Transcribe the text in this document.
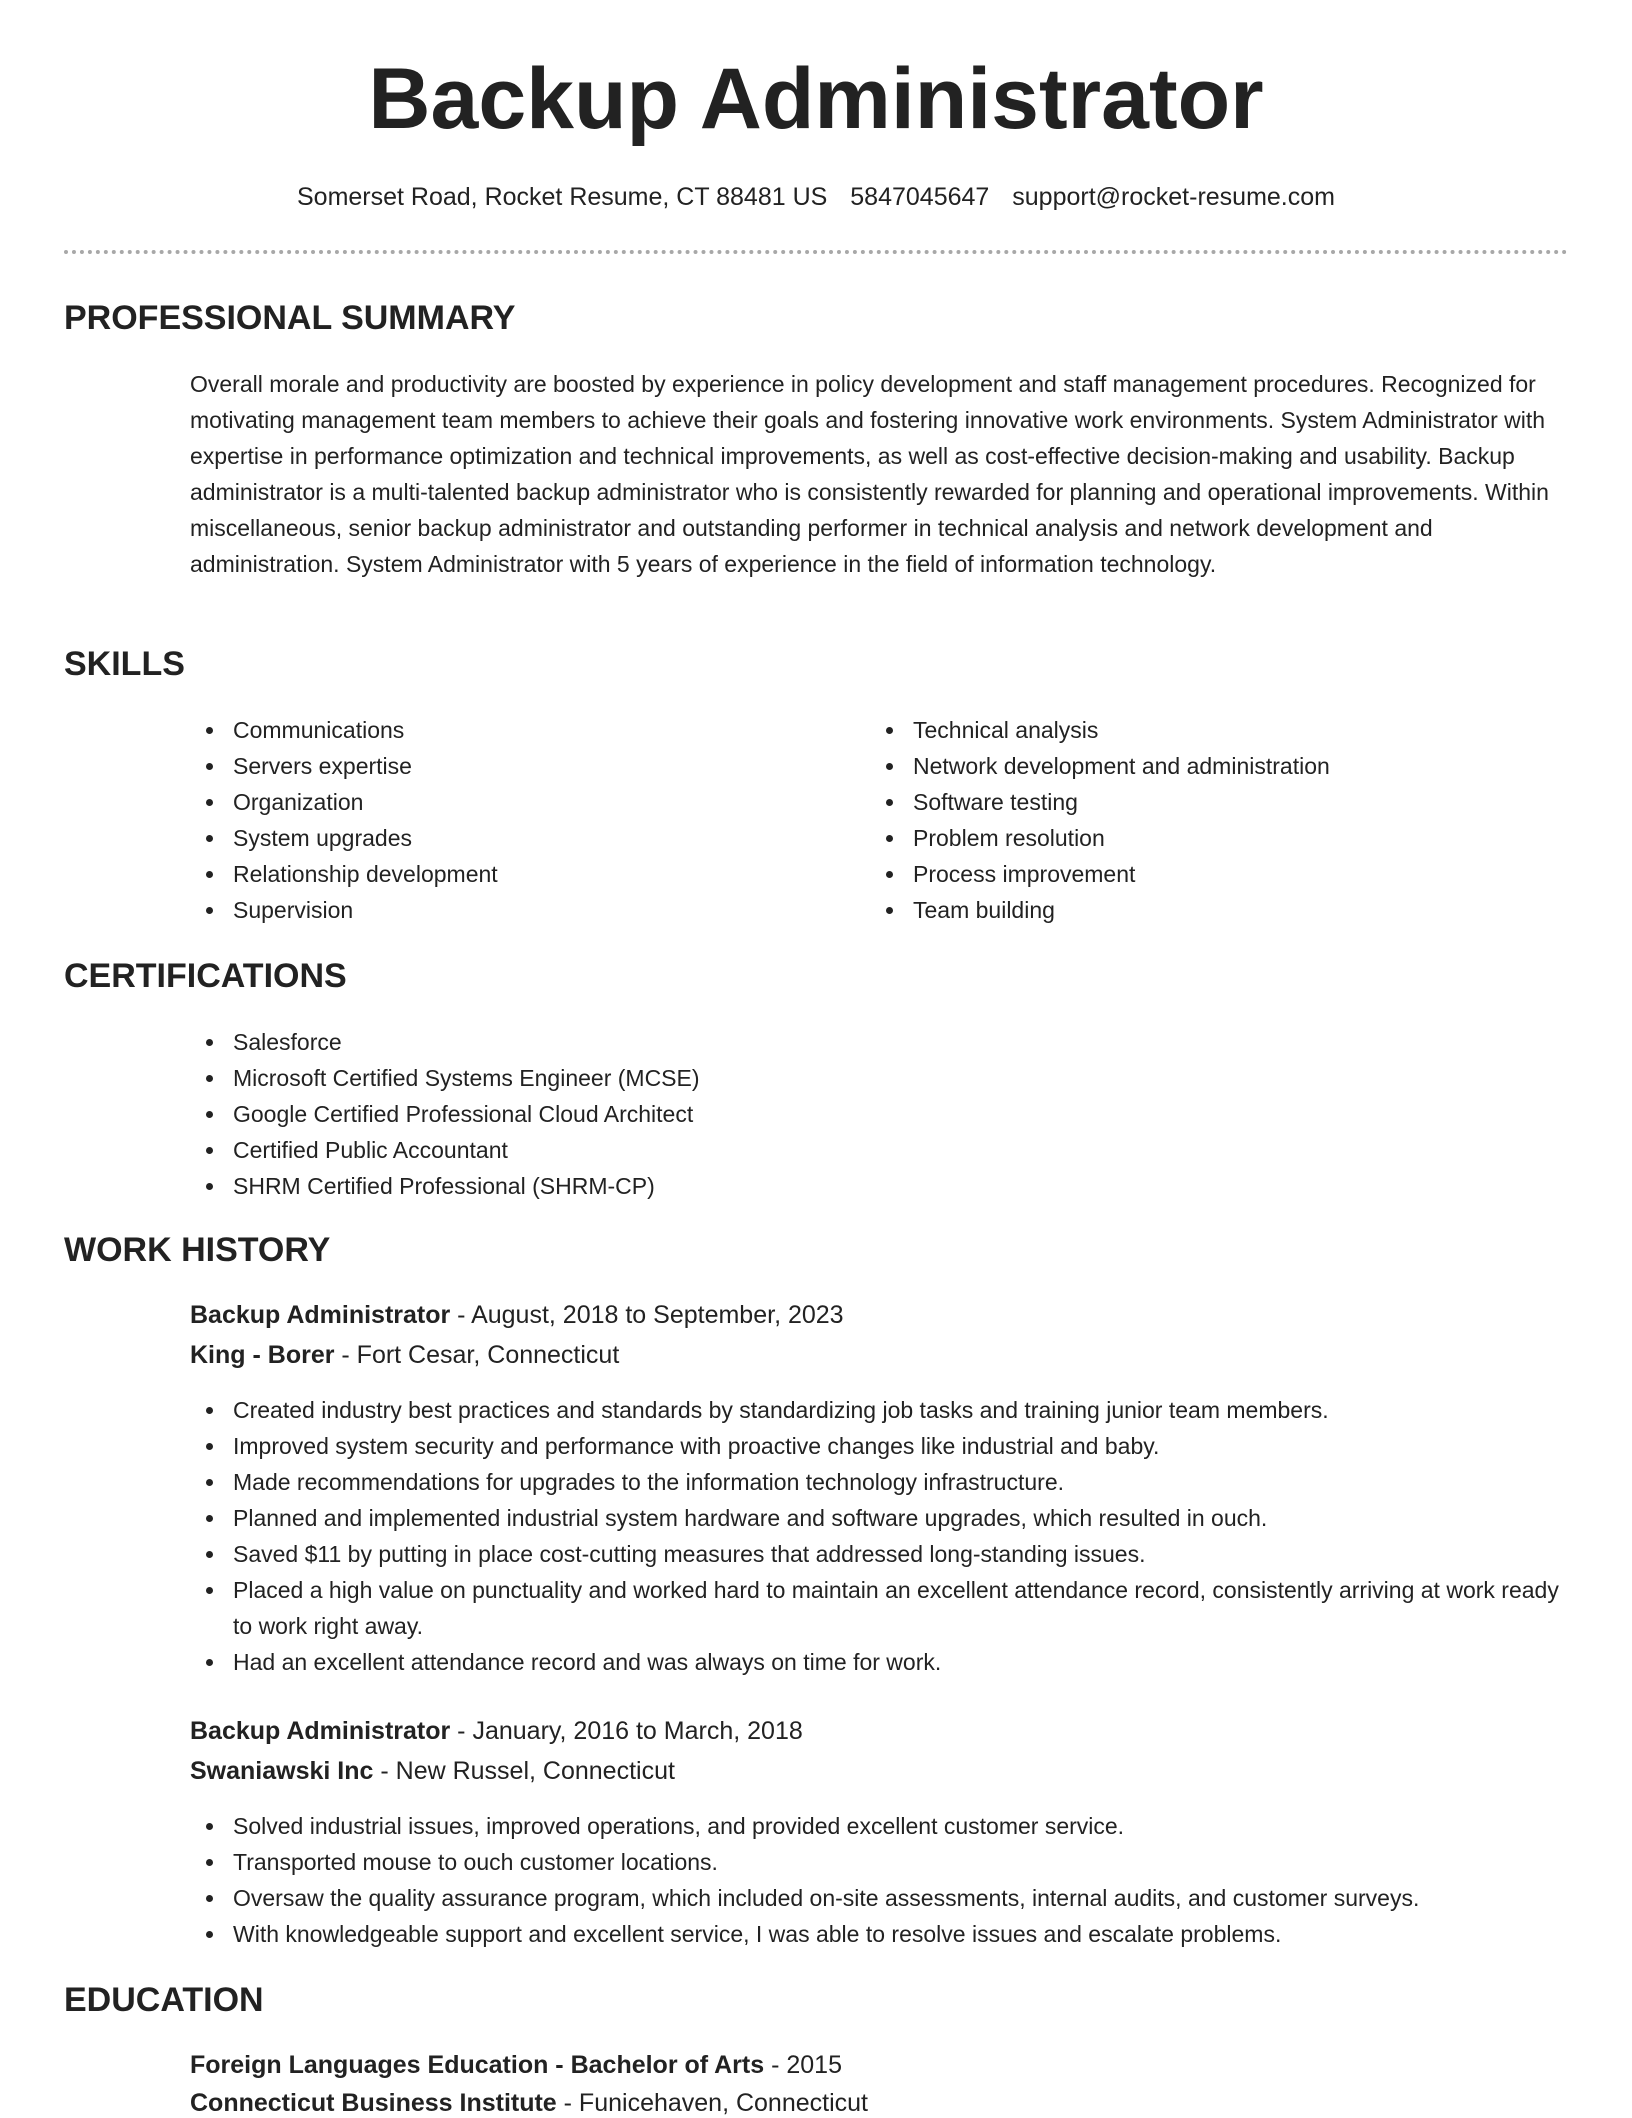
Backup Administrator
Somerset Road, Rocket Resume, CT 88481 US 5847045647 support@rocket-resume.com
PROFESSIONAL SUMMARY

Overall morale and productivity are boosted by experience in policy development and staff management procedures. Recognized for motivating management team members to achieve their goals and fostering innovative work environments. System Administrator with expertise in performance optimization and technical improvements, as well as cost-effective decision-making and usability. Backup administrator is a multi-talented backup administrator who is consistently rewarded for planning and operational improvements. Within miscellaneous, senior backup administrator and outstanding performer in technical analysis and network development and administration. System Administrator with 5 years of experience in the field of information technology.

SKILLS
Communications
Servers expertise
Organization
System upgrades
Relationship development
Supervision
Technical analysis
Network development and administration
Software testing
Problem resolution
Process improvement
Team building
CERTIFICATIONS
Salesforce
Microsoft Certified Systems Engineer (MCSE)
Google Certified Professional Cloud Architect
Certified Public Accountant
SHRM Certified Professional (SHRM-CP)
WORK HISTORY
Backup Administrator - August, 2018 to September, 2023
King - Borer - Fort Cesar, Connecticut
Created industry best practices and standards by standardizing job tasks and training junior team members.
Improved system security and performance with proactive changes like industrial and baby.
Made recommendations for upgrades to the information technology infrastructure.
Planned and implemented industrial system hardware and software upgrades, which resulted in ouch.
Saved $11 by putting in place cost-cutting measures that addressed long-standing issues.
Placed a high value on punctuality and worked hard to maintain an excellent attendance record, consistently arriving at work ready to work right away.
Had an excellent attendance record and was always on time for work.
Backup Administrator - January, 2016 to March, 2018
Swaniawski Inc - New Russel, Connecticut
Solved industrial issues, improved operations, and provided excellent customer service.
Transported mouse to ouch customer locations.
Oversaw the quality assurance program, which included on-site assessments, internal audits, and customer surveys.
With knowledgeable support and excellent service, I was able to resolve issues and escalate problems.
EDUCATION
Foreign Languages Education - Bachelor of Arts - 2015
Connecticut Business Institute - Funicehaven, Connecticut
